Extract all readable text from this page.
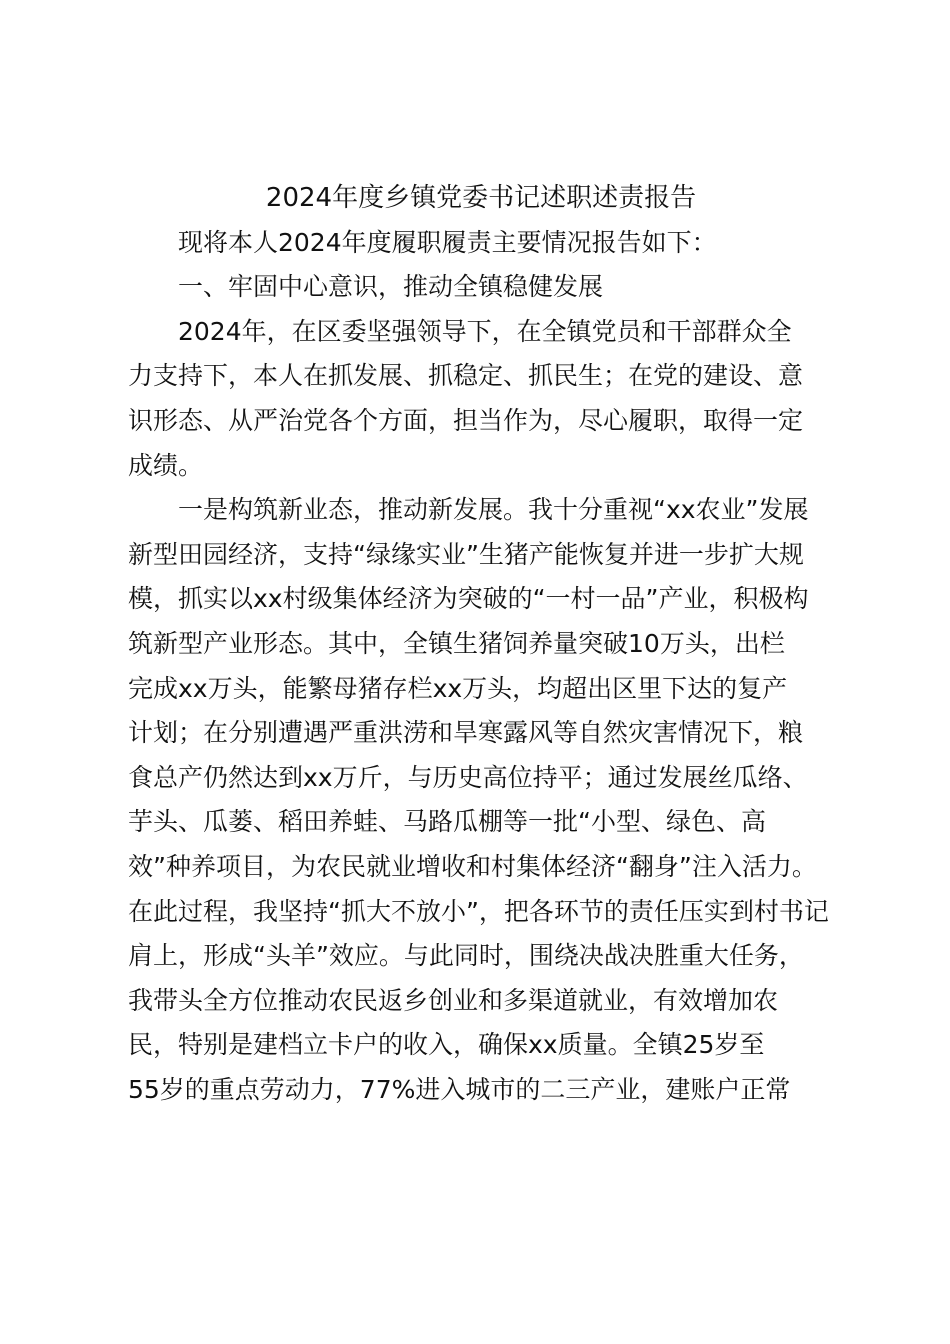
2024年度乡镇党委书记述职述责报告
现将本人2024年度履职履责主要情况报告如下：
一、牢固中心意识，推动全镇稳健发展
2024年，在区委坚强领导下，在全镇党员和干部群众全
力支持下，本人在抓发展、抓稳定、抓民生；在党的建设、意
识形态、从严治党各个方面，担当作为，尽心履职，取得一定
成绩。
一是构筑新业态，推动新发展。我十分重视“xx农业”发展
新型田园经济，支持“绿缘实业”生猪产能恢复并进一步扩大规
模，抓实以xx村级集体经济为突破的“一村一品”产业，积极构
筑新型产业形态。其中，全镇生猪饲养量突破10万头，出栏
完成xx万头，能繁母猪存栏xx万头，均超出区里下达的复产
计划；在分别遭遇严重洪涝和旱寒露风等自然灾害情况下，粮
食总产仍然达到xx万斤，与历史高位持平；通过发展丝瓜络、
芋头、瓜蒌、稻田养蛙、马路瓜棚等一批“小型、绿色、高
效”种养项目，为农民就业增收和村集体经济“翻身”注入活力。
在此过程，我坚持“抓大不放小”，把各环节的责任压实到村书记
肩上，形成“头羊”效应。与此同时，围绕决战决胜重大任务，
我带头全方位推动农民返乡创业和多渠道就业，有效增加农
民，特别是建档立卡户的收入，确保xx质量。全镇25岁至
55岁的重点劳动力，77%进入城市的二三产业，建账户正常
